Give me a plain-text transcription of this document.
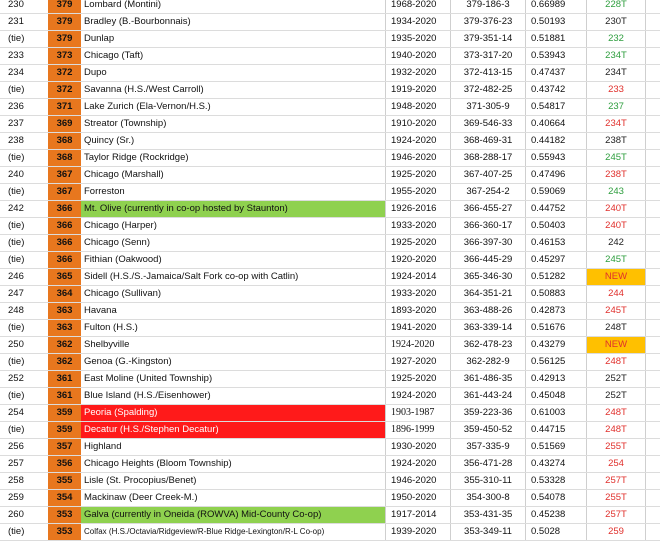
230	379	Lombard (Montini)	1968-2020	379-186-3	0.66989	228T
231	379	Bradley (B.-Bourbonnais)	1934-2020	379-376-23	0.50193	230T
(tie)	379	Dunlap	1935-2020	379-351-14	0.51881	232
233	373	Chicago (Taft)	1940-2020	373-317-20	0.53943	234T
234	372	Dupo	1932-2020	372-413-15	0.47437	234T
(tie)	372	Savanna (H.S./West Carroll)	1919-2020	372-482-25	0.43742	233
236	371	Lake Zurich (Ela-Vernon/H.S.)	1948-2020	371-305-9	0.54817	237
237	369	Streator (Township)	1910-2020	369-546-33	0.40664	234T
238	368	Quincy (Sr.)	1924-2020	368-469-31	0.44182	238T
(tie)	368	Taylor Ridge (Rockridge)	1946-2020	368-288-17	0.55943	245T
240	367	Chicago (Marshall)	1925-2020	367-407-25	0.47496	238T
(tie)	367	Forreston	1955-2020	367-254-2	0.59069	243
242	366	Mt. Olive (currently in co-op hosted by Staunton)	1926-2016	366-455-27	0.44752	240T
(tie)	366	Chicago (Harper)	1933-2020	366-360-17	0.50403	240T
(tie)	366	Chicago (Senn)	1925-2020	366-397-30	0.46153	242
(tie)	366	Fithian (Oakwood)	1920-2020	366-445-29	0.45297	245T
246	365	Sidell (H.S./S.-Jamaica/Salt Fork co-op with Catlin)	1924-2014	365-346-30	0.51282	NEW
247	364	Chicago (Sullivan)	1933-2020	364-351-21	0.50883	244
248	363	Havana	1893-2020	363-488-26	0.42873	245T
(tie)	363	Fulton (H.S.)	1941-2020	363-339-14	0.51676	248T
250	362	Shelbyville	1924-2020	362-478-23	0.43279	NEW
(tie)	362	Genoa (G.-Kingston)	1927-2020	362-282-9	0.56125	248T
252	361	East Moline (United Township)	1925-2020	361-486-35	0.42913	252T
(tie)	361	Blue Island (H.S./Eisenhower)	1924-2020	361-443-24	0.45048	252T
254	359	Peoria (Spalding)	1903-1987	359-223-36	0.61003	248T
(tie)	359	Decatur (H.S./Stephen Decatur)	1896-1999	359-450-52	0.44715	248T
256	357	Highland	1930-2020	357-335-9	0.51569	255T
257	356	Chicago Heights (Bloom Township)	1924-2020	356-471-28	0.43274	254
258	355	Lisle (St. Procopius/Benet)	1946-2020	355-310-11	0.53328	257T
259	354	Mackinaw (Deer Creek-M.)	1950-2020	354-300-8	0.54078	255T
260	353	Galva (currently in Oneida (ROWVA) Mid-County Co-op)	1917-2014	353-431-35	0.45238	257T
(tie)	353	Colfax (H.S./Octavia/Ridgeview/R-Blue Ridge-Lexington/R-L Co-op)	1939-2020	353-349-11	0.5028	259
